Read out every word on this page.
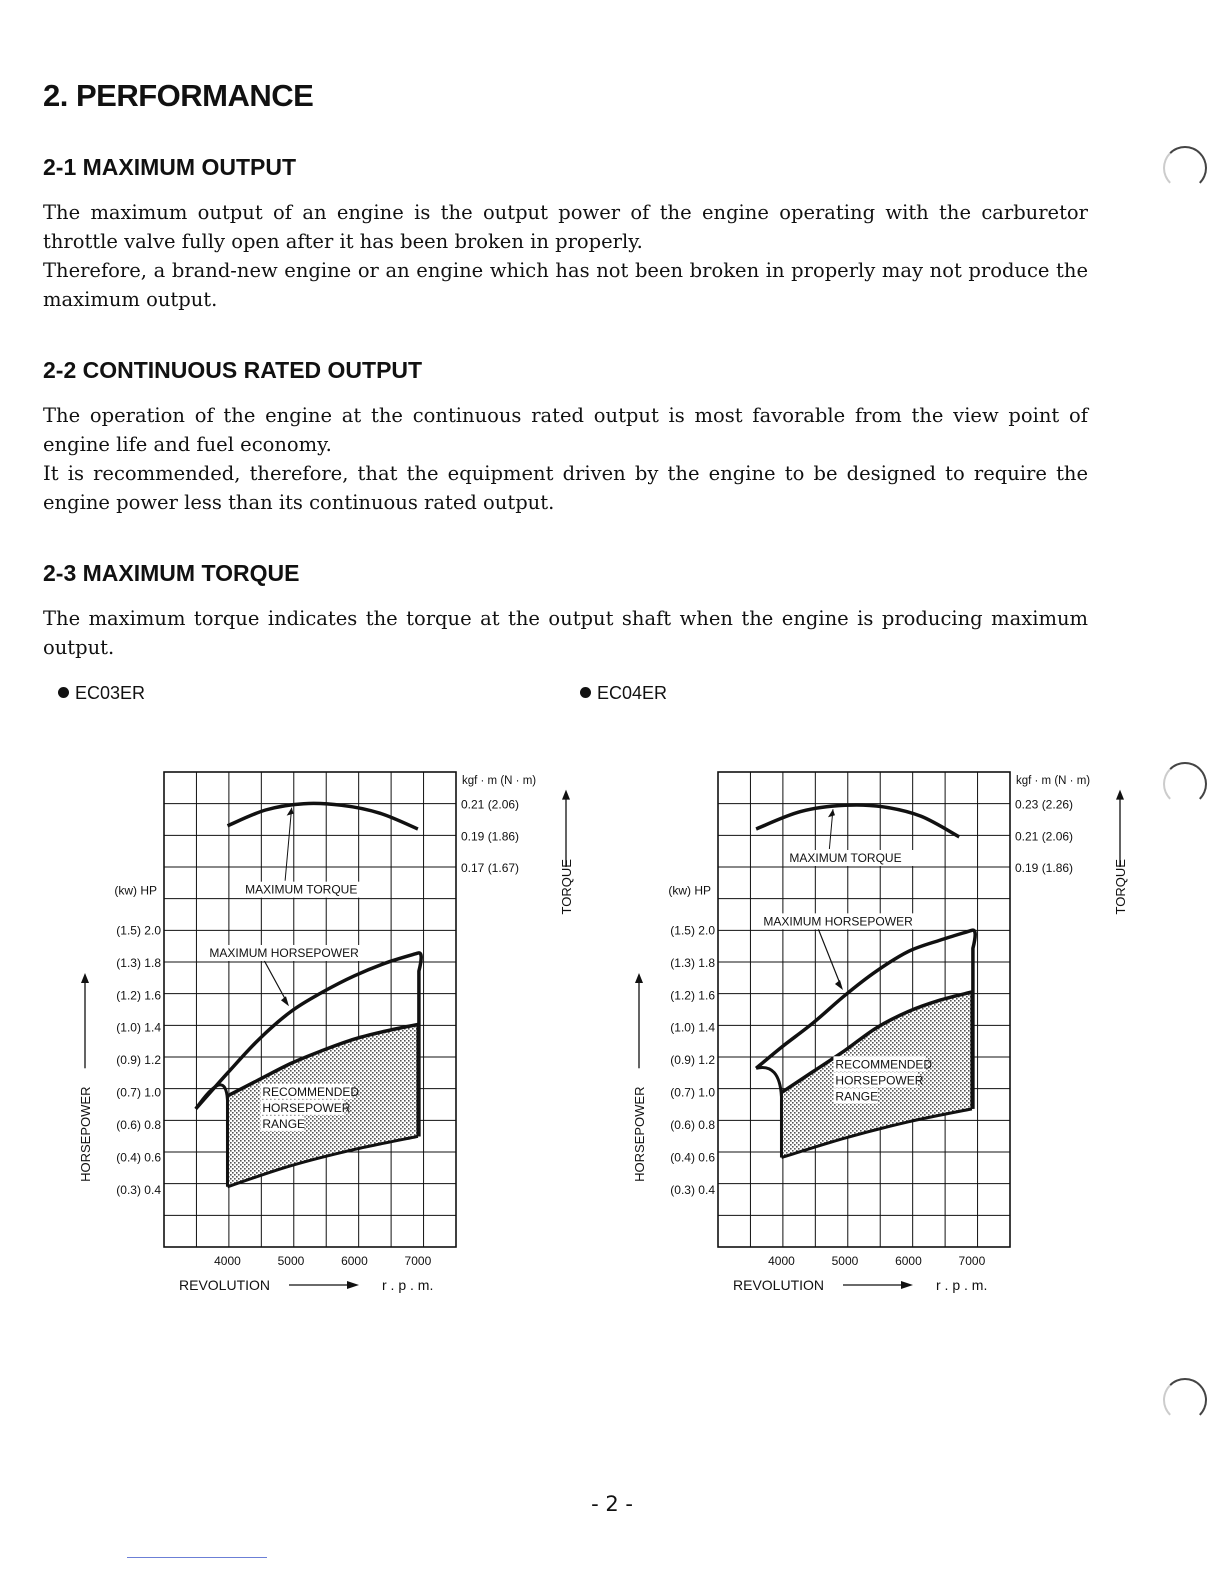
2. PERFORMANCE
2-1 MAXIMUM OUTPUT

The maximum output of an engine is the output power of the engine operating with the carburetor throttle valve fully open after it has been broken in properly.

Therefore, a brand-new engine or an engine which has not been broken in properly may not produce the maximum output.

2-2 CONTINUOUS RATED OUTPUT

The operation of the engine at the continuous rated output is most favorable from the view point of engine life and fuel economy.

It is recommended, therefore, that the equipment driven by the engine to be designed to require the engine power less than its continuous rated output.

2-3 MAXIMUM TORQUE

The maximum torque indicates the torque at the output shaft when the engine is producing maximum output.

EC03ER	EC04ER
MAXIMUM TORQUE
MAXIMUM HORSEPOWER
RECOMMENDED
HORSEPOWER
RANGE
(kw) HP
(1.5) 2.0
(1.3) 1.8
(1.2) 1.6
(1.0) 1.4
(0.9) 1.2
(0.7) 1.0
(0.6) 0.8
(0.4) 0.6
(0.3) 0.4
HORSEPOWER
kgf · m (N · m)
0.21 (2.06)
0.19 (1.86)
0.17 (1.67)	TORQUE
4000	5000	6000	7000
REVOLUTION	r . p . m.
MAXIMUM TORQUE
MAXIMUM HORSEPOWER
RECOMMENDED
HORSEPOWER
RANGE
(kw) HP
(1.5) 2.0
(1.3) 1.8
(1.2) 1.6
(1.0) 1.4
(0.9) 1.2
(0.7) 1.0
(0.6) 0.8
(0.4) 0.6
(0.3) 0.4
HORSEPOWER
kgf · m (N · m)
0.23 (2.26)
0.21 (2.06)
0.19 (1.86)	TORQUE
4000	5000	6000	7000
REVOLUTION	r . p . m.
- 2 -
